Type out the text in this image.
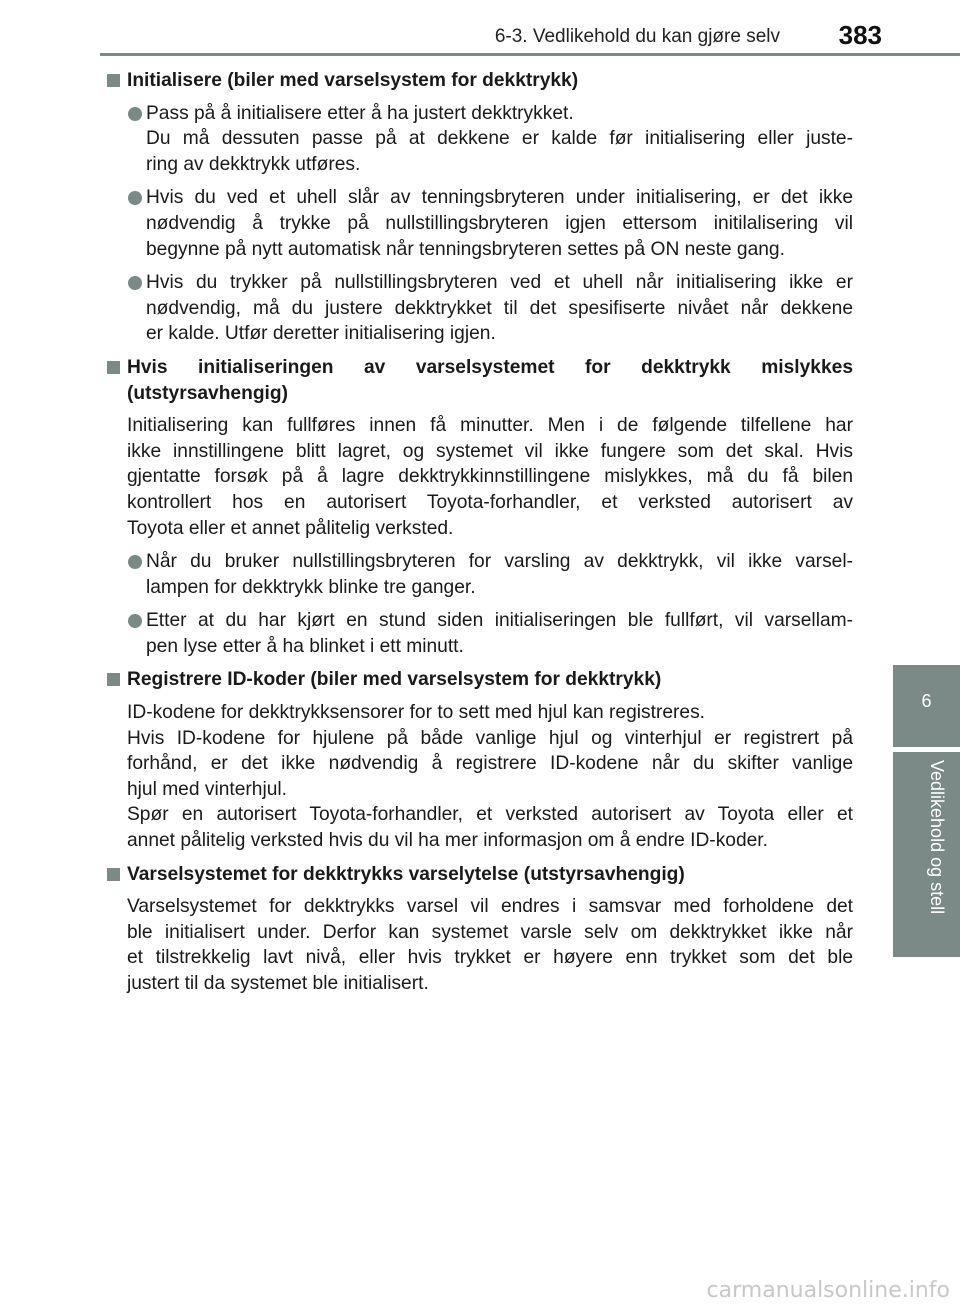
6-3. Vedlikehold du kan gjøre selv 383
6
Vedlikehold og stell
Initialisere (biler med varselsystem for dekktrykk)
Pass på å initialisere etter å ha justert dekktrykket.
Du må dessuten passe på at dekkene er kalde før initialisering eller juste-
ring av dekktrykk utføres.
Hvis du ved et uhell slår av tenningsbryteren under initialisering, er det ikke
nødvendig å trykke på nullstillingsbryteren igjen ettersom initilalisering vil
begynne på nytt automatisk når tenningsbryteren settes på ON neste gang.
Hvis du trykker på nullstillingsbryteren ved et uhell når initialisering ikke er
nødvendig, må du justere dekktrykket til det spesifiserte nivået når dekkene
er kalde. Utfør deretter initialisering igjen.
Hvis initialiseringen av varselsystemet for dekktrykk mislykkes
(utstyrsavhengig)
Initialisering kan fullføres innen få minutter. Men i de følgende tilfellene har
ikke innstillingene blitt lagret, og systemet vil ikke fungere som det skal. Hvis
gjentatte forsøk på å lagre dekktrykkinnstillingene mislykkes, må du få bilen
kontrollert hos en autorisert Toyota-forhandler, et verksted autorisert av
Toyota eller et annet pålitelig verksted.
Når du bruker nullstillingsbryteren for varsling av dekktrykk, vil ikke varsel-
lampen for dekktrykk blinke tre ganger.
Etter at du har kjørt en stund siden initialiseringen ble fullført, vil varsellam-
pen lyse etter å ha blinket i ett minutt.
Registrere ID-koder (biler med varselsystem for dekktrykk)
ID-kodene for dekktrykksensorer for to sett med hjul kan registreres.
Hvis ID-kodene for hjulene på både vanlige hjul og vinterhjul er registrert på
forhånd, er det ikke nødvendig å registrere ID-kodene når du skifter vanlige
hjul med vinterhjul.
Spør en autorisert Toyota-forhandler, et verksted autorisert av Toyota eller et
annet pålitelig verksted hvis du vil ha mer informasjon om å endre ID-koder.
Varselsystemet for dekktrykks varselytelse (utstyrsavhengig)
Varselsystemet for dekktrykks varsel vil endres i samsvar med forholdene det
ble initialisert under. Derfor kan systemet varsle selv om dekktrykket ikke når
et tilstrekkelig lavt nivå, eller hvis trykket er høyere enn trykket som det ble
justert til da systemet ble initialisert.
carmanualsonline.info
